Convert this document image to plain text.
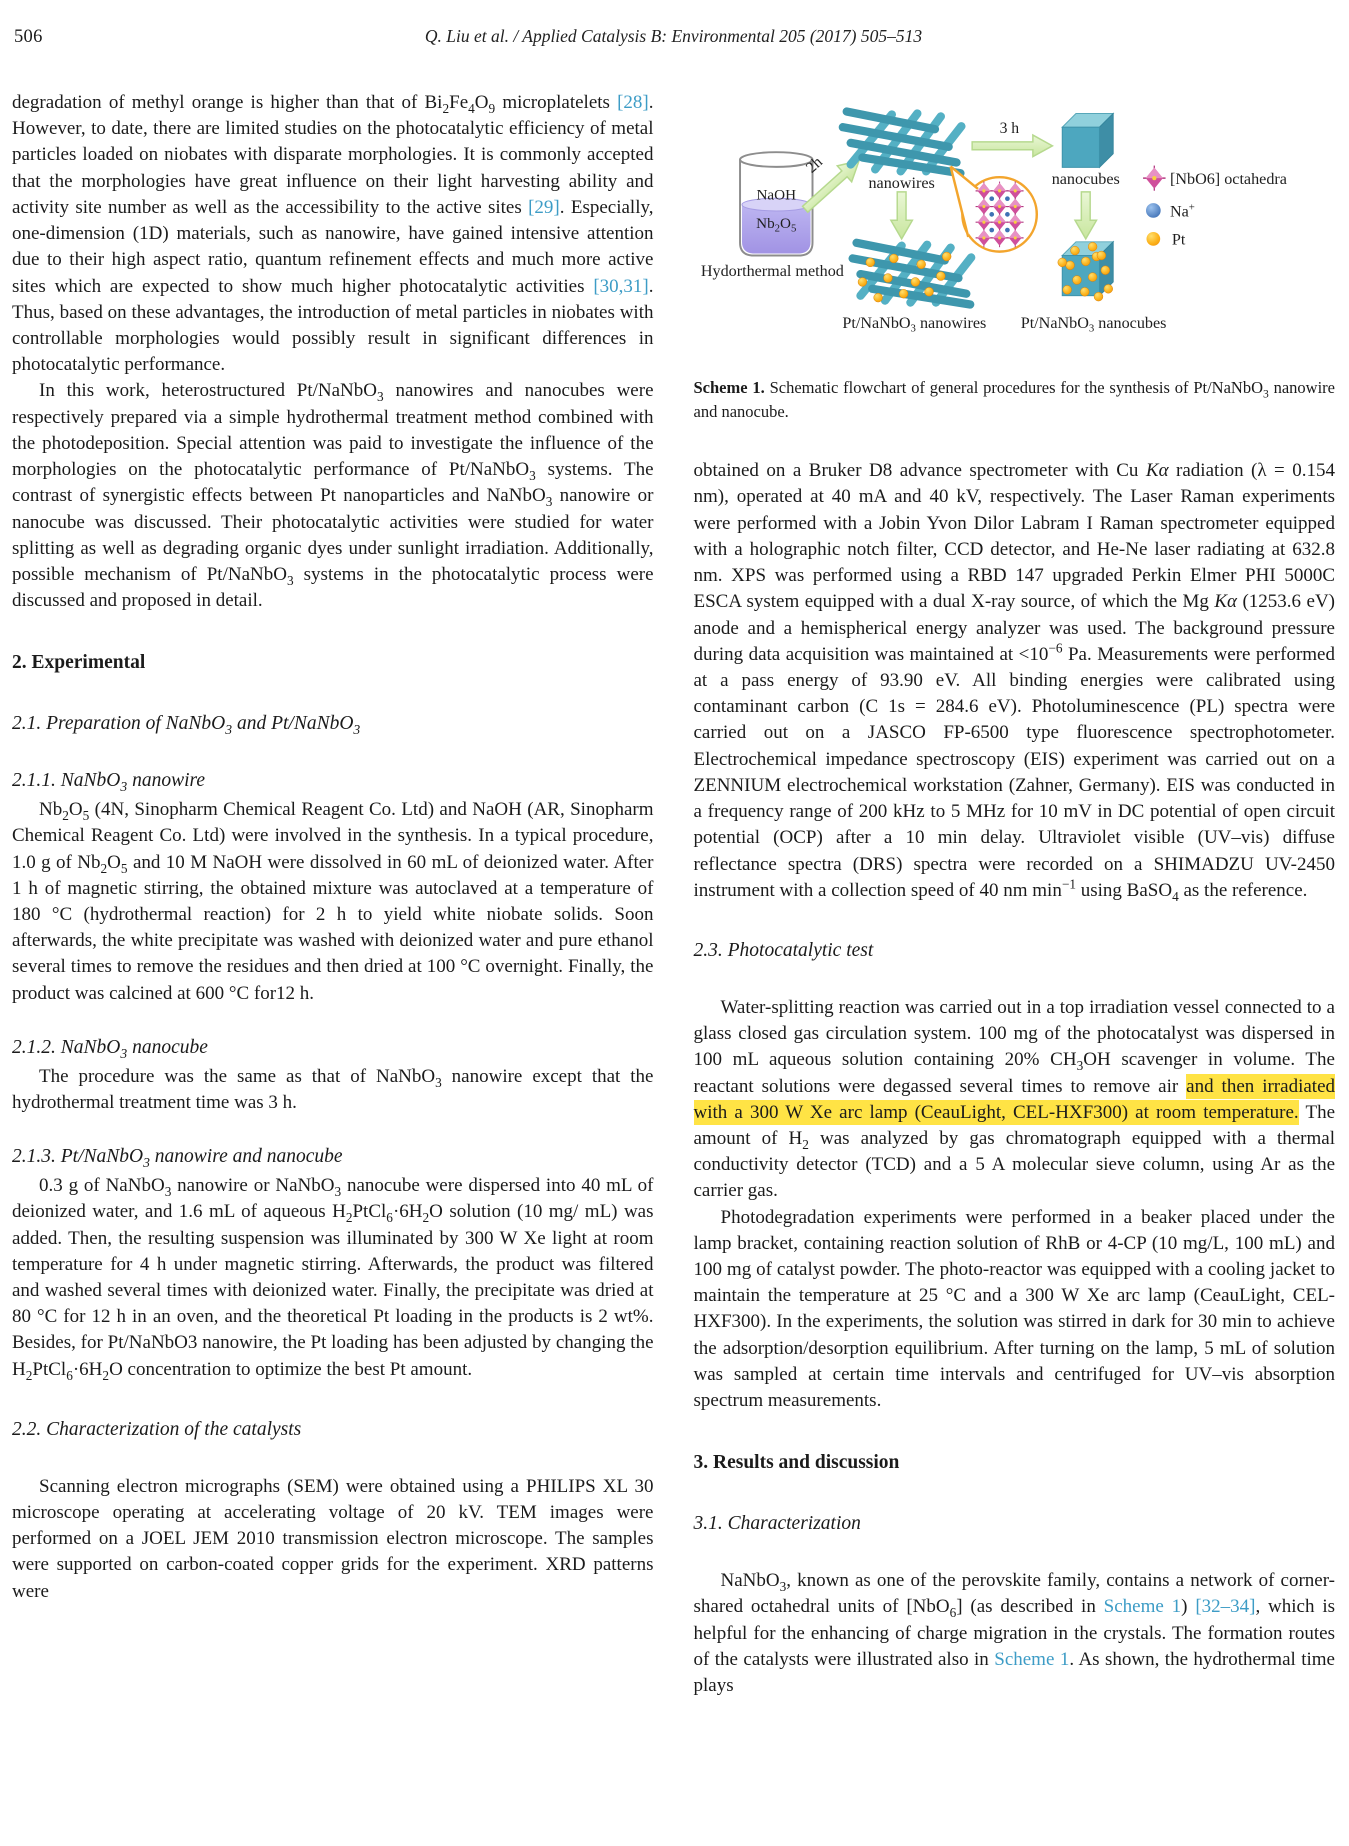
506	Q. Liu et al. / Applied Catalysis B: Environmental 205 (2017) 505–513

degradation of methyl orange is higher than that of $Bi_2Fe_4O_9$ microplatelets [28]. However, to date, there are limited studies on the photocatalytic efficiency of metal particles loaded on niobates with disparate morphologies. It is commonly accepted that the morphologies have great influence on their light harvesting ability and activity site number as well as the accessibility to the active sites [29]. Especially, one-dimension (1D) materials, such as nanowire, have gained intensive attention due to their high aspect ratio, quantum refinement effects and much more active sites which are expected to show much higher photocatalytic activities [30,31]. Thus, based on these advantages, the introduction of metal particles in niobates with controllable morphologies would possibly result in significant differences in photocatalytic performance.

In this work, heterostructured Pt/NaNbO$_3$ nanowires and nanocubes were respectively prepared via a simple hydrothermal treatment method combined with the photodeposition. Special attention was paid to investigate the influence of the morphologies on the photocatalytic performance of Pt/NaNbO$_3$ systems. The contrast of synergistic effects between Pt nanoparticles and NaNbO$_3$ nanowire or nanocube was discussed. Their photocatalytic activities were studied for water splitting as well as degrading organic dyes under sunlight irradiation. Additionally, possible mechanism of Pt/NaNbO$_3$ systems in the photocatalytic process were discussed and proposed in detail.

2. Experimental
2.1. Preparation of NaNbO$_3$ and Pt/NaNbO$_3$
2.1.1. NaNbO$_3$ nanowire

$Nb_2O_5$ (4N, Sinopharm Chemical Reagent Co. Ltd) and NaOH (AR, Sinopharm Chemical Reagent Co. Ltd) were involved in the synthesis. In a typical procedure, 1.0 g of $Nb_2O_5$ and 10 M NaOH were dissolved in 60 mL of deionized water. After 1 h of magnetic stirring, the obtained mixture was autoclaved at a temperature of 180 °C (hydrothermal reaction) for 2 h to yield white niobate solids. Soon afterwards, the white precipitate was washed with deionized water and pure ethanol several times to remove the residues and then dried at 100 °C overnight. Finally, the product was calcined at 600 °C for12 h.

2.1.2. NaNbO$_3$ nanocube

The procedure was the same as that of NaNbO$_3$ nanowire except that the hydrothermal treatment time was 3 h.

2.1.3. Pt/NaNbO$_3$ nanowire and nanocube

0.3 g of NaNbO$_3$ nanowire or NaNbO$_3$ nanocube were dispersed into 40 mL of deionized water, and 1.6 mL of aqueous $H_2PtCl_6\cdot 6H_2O$ solution (10 mg/ mL) was added. Then, the resulting suspension was illuminated by 300 W Xe light at room temperature for 4 h under magnetic stirring. Afterwards, the product was filtered and washed several times with deionized water. Finally, the precipitate was dried at 80 °C for 12 h in an oven, and the theoretical Pt loading in the products is 2 wt%. Besides, for Pt/NaNbO3 nanowire, the Pt loading has been adjusted by changing the $H_2PtCl_6\cdot 6H_2O$ concentration to optimize the best Pt amount.

2.2. Characterization of the catalysts

Scanning electron micrographs (SEM) were obtained using a PHILIPS XL 30 microscope operating at accelerating voltage of 20 kV. TEM images were performed on a JOEL JEM 2010 transmission electron microscope. The samples were supported on carbon-coated copper grids for the experiment. XRD patterns were

NaOH
$Nb_2O_5$
Hydorthermal method
2h
nanowires
3 h
nanocubes
Pt/NaNbO$_3$ nanowires Pt/NaNbO$_3$ nanocubes
[NbO6] octahedra
Na+
Pt
Scheme 1. Schematic flowchart of general procedures for the synthesis of Pt/NaNbO$_3$ nanowire and nanocube.

obtained on a Bruker D8 advance spectrometer with Cu Kα radiation (λ = 0.154 nm), operated at 40 mA and 40 kV, respectively. The Laser Raman experiments were performed with a Jobin Yvon Dilor Labram I Raman spectrometer equipped with a holographic notch filter, CCD detector, and He-Ne laser radiating at 632.8 nm. XPS was performed using a RBD 147 upgraded Perkin Elmer PHI 5000C ESCA system equipped with a dual X-ray source, of which the Mg Kα (1253.6 eV) anode and a hemispherical energy analyzer was used. The background pressure during data acquisition was maintained at $<10^{-6}$ Pa. Measurements were performed at a pass energy of 93.90 eV. All binding energies were calibrated using contaminant carbon (C 1s = 284.6 eV). Photoluminescence (PL) spectra were carried out on a JASCO FP-6500 type fluorescence spectrophotometer. Electrochemical impedance spectroscopy (EIS) experiment was carried out on a ZENNIUM electrochemical workstation (Zahner, Germany). EIS was conducted in a frequency range of 200 kHz to 5 MHz for 10 mV in DC potential of open circuit potential (OCP) after a 10 min delay. Ultraviolet visible (UV–vis) diffuse reflectance spectra (DRS) spectra were recorded on a SHIMADZU UV-2450 instrument with a collection speed of 40 nm $\min^{-1} using$ BaSO$_4$ as the reference.

2.3. Photocatalytic test

Water-splitting reaction was carried out in a top irradiation vessel connected to a glass closed gas circulation system. 100 mg of the photocatalyst was dispersed in 100 mL aqueous solution containing 20% $CH_3OH$ scavenger in volume. The reactant solutions were degassed several times to remove air and then irradiated with a 300 W Xe arc lamp (CeauLight, CEL-HXF300) at room temperature. The amount of $H_2$ was analyzed by gas chromatograph equipped with a thermal conductivity detector (TCD) and a 5 A molecular sieve column, using Ar as the carrier gas.

Photodegradation experiments were performed in a beaker placed under the lamp bracket, containing reaction solution of RhB or 4-CP (10 mg/L, 100 mL) and 100 mg of catalyst powder. The photo-reactor was equipped with a cooling jacket to maintain the temperature at 25 °C and a 300 W Xe arc lamp (CeauLight, CEL-HXF300). In the experiments, the solution was stirred in dark for 30 min to achieve the adsorption/desorption equilibrium. After turning on the lamp, 5 mL of solution was sampled at certain time intervals and centrifuged for UV–vis absorption spectrum measurements.

3. Results and discussion
3.1. Characterization

NaNbO$_3$, known as one of the perovskite family, contains a network of corner-shared octahedral units of [NbO$_6$] (as described in Scheme 1) [32–34], which is helpful for the enhancing of charge migration in the crystals. The formation routes of the catalysts were illustrated also in Scheme 1. As shown, the hydrothermal time plays
